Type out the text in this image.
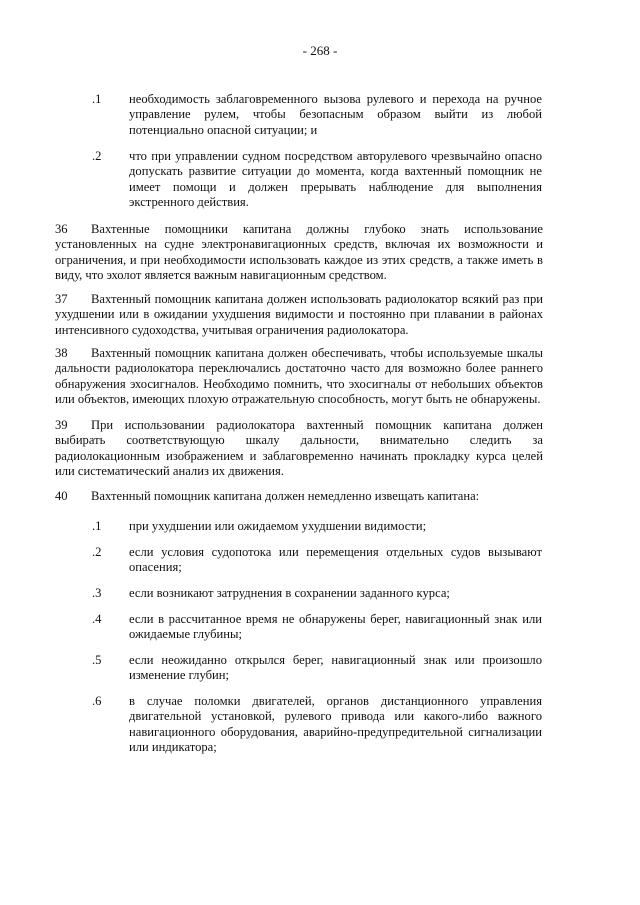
- 268 -
.1	необходимость заблаговременного вызова рулевого и перехода на ручное управление рулем, чтобы безопасным образом выйти из любой потенциально опасной ситуации; и
.2	что при управлении судном посредством авторулевого чрезвычайно опасно допускать развитие ситуации до момента, когда вахтенный помощник не имеет помощи и должен прерывать наблюдение для выполнения экстренного действия.
36 Вахтенные помощники капитана должны глубоко знать использование установленных на судне электронавигационных средств, включая их возможности и ограничения, и при необходимости использовать каждое из этих средств, а также иметь в виду, что эхолот является важным навигационным средством.
37 Вахтенный помощник капитана должен использовать радиолокатор всякий раз при ухудшении или в ожидании ухудшения видимости и постоянно при плавании в районах интенсивного судоходства, учитывая ограничения радиолокатора.
38 Вахтенный помощник капитана должен обеспечивать, чтобы используемые шкалы дальности радиолокатора переключались достаточно часто для возможно более раннего обнаружения эхосигналов. Необходимо помнить, что эхосигналы от небольших объектов или объектов, имеющих плохую отражательную способность, могут быть не обнаружены.
39 При использовании радиолокатора вахтенный помощник капитана должен выбирать соответствующую шкалу дальности, внимательно следить за радиолокационным изображением и заблаговременно начинать прокладку курса целей или систематический анализ их движения.
40 Вахтенный помощник капитана должен немедленно извещать капитана:
.1	при ухудшении или ожидаемом ухудшении видимости;
.2	если условия судопотока или перемещения отдельных судов вызывают опасения;
.3	если возникают затруднения в сохранении заданного курса;
.4	если в рассчитанное время не обнаружены берег, навигационный знак или ожидаемые глубины;
.5	если неожиданно открылся берег, навигационный знак или произошло изменение глубин;
.6	в случае поломки двигателей, органов дистанционного управления двигательной установкой, рулевого привода или какого-либо важного навигационного оборудования, аварийно-предупредительной сигнализации или индикатора;
